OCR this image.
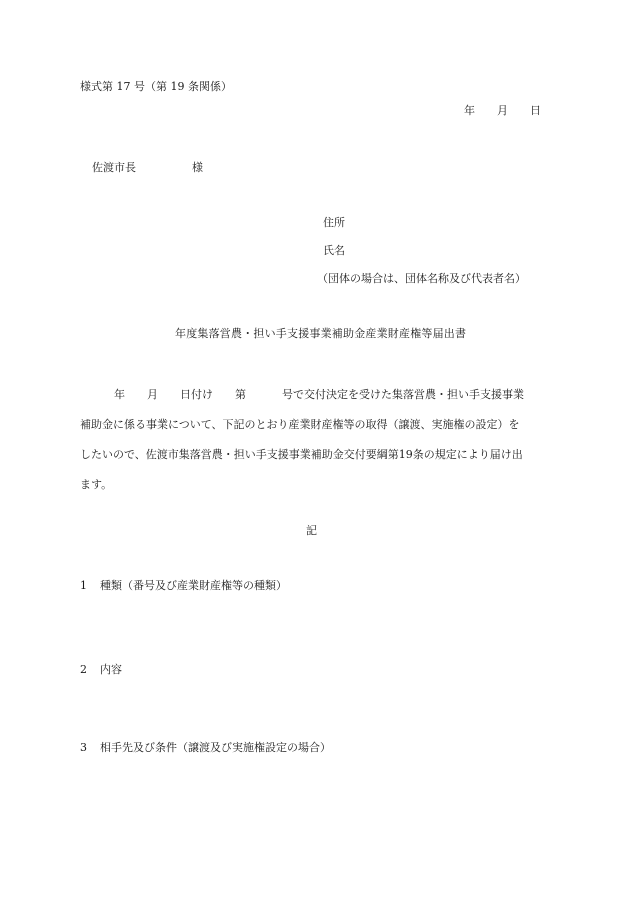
様式第 17 号（第 19 条関係）
年 月 日
佐渡市長	様
住所
氏名
（団体の場合は、団体名称及び代表者名）
年度集落営農・担い手支援事業補助金産業財産権等届出書
年 月 日付け 第	号で交付決定を受けた集落営農・担い手支援事業
補助金に係る事業について、下記のとおり産業財産権等の取得（譲渡、実施権の設定）を
したいので、佐渡市集落営農・担い手支援事業補助金交付要綱第19条の規定により届け出
ます。
記
1 種類（番号及び産業財産権等の種類）
2 内容
3 相手先及び条件（譲渡及び実施権設定の場合）
